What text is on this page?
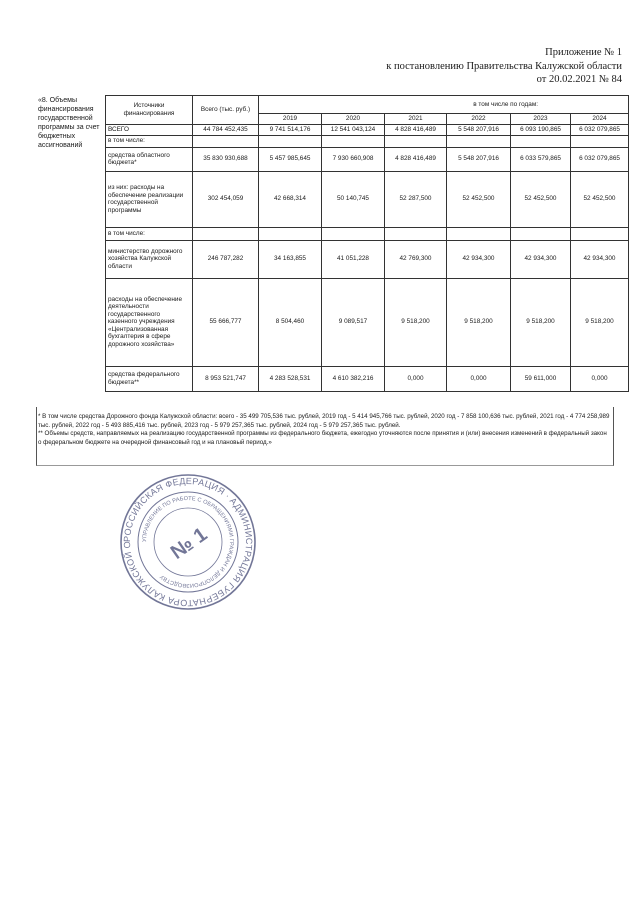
Приложение № 1
к постановлению Правительства Калужской области
от 20.02.2021 № 84
«8. Объемы финансирования государственной программы за счет бюджетных ассигнований
Источники финансирования	Всего (тыс. руб.)	в том числе по годам:					
		2019	2020	2021	2022	2023	2024
ВСЕГО	44 784 452,435	9 741 514,176	12 541 043,124	4 828 416,489	5 548 207,916	6 093 190,865	6 032 079,865
в том числе:							
средства областного бюджета*	35 830 930,688	5 457 985,645	7 930 660,908	4 828 416,489	5 548 207,916	6 033 579,865	6 032 079,865
из них: расходы на обеспечение реализации государственной программы	302 454,059	42 668,314	50 140,745	52 287,500	52 452,500	52 452,500	52 452,500
в том числе:							
министерство дорожного хозяйства Калужской области	246 787,282	34 163,855	41 051,228	42 769,300	42 934,300	42 934,300	42 934,300
расходы на обеспечение деятельности государственного казенного учреждения «Централизованная бухгалтерия в сфере дорожного хозяйства»	55 666,777	8 504,460	9 089,517	9 518,200	9 518,200	9 518,200	9 518,200
средства федерального бюджета**	8 953 521,747	4 283 528,531	4 610 382,216	0,000	0,000	59 611,000	0,000

* В том числе средства Дорожного фонда Калужской области: всего - 35 499 705,536 тыс. рублей, 2019 год - 5 414 945,766 тыс. рублей, 2020 год - 7 858 100,636 тыс. рублей, 2021 год - 4 774 258,989 тыс. рублей, 2022 год - 5 493 885,416 тыс. рублей, 2023 год - 5 979 257,365 тыс. рублей, 2024 год - 5 979 257,365 тыс. рублей.

** Объемы средств, направляемых на реализацию государственной программы из федерального бюджета, ежегодно уточняются после принятия и (или) внесения изменений в федеральный закон о федеральном бюджете на очередной финансовый год и на плановый период.»

РОССИЙСКАЯ ФЕДЕРАЦИЯ · АДМИНИСТРАЦИЯ ГУБЕРНАТОРА КАЛУЖСКОЙ О
УПРАВЛЕНИЕ ПО РАБОТЕ С ОБРАЩЕНИЯМИ ГРАЖДАН И ДЕЛОПРОИЗВОДСТВУ
№ 1
